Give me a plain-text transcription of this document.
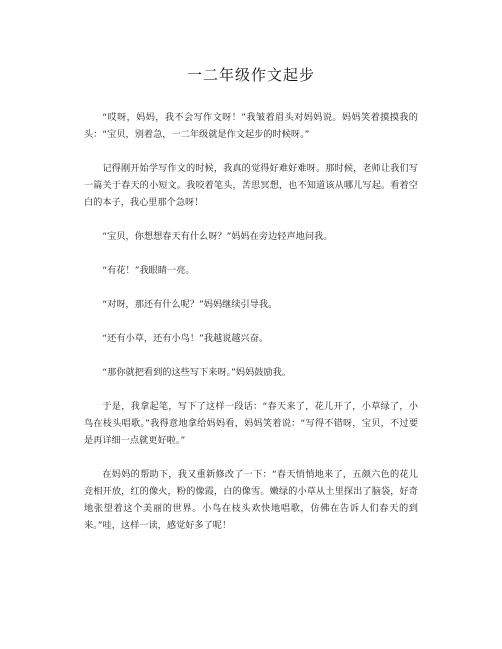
一二年级作文起步

“哎呀，妈妈，我不会写作文呀！”我皱着眉头对妈妈说。妈妈笑着摸摸我的头：“宝贝，别着急，一二年级就是作文起步的时候呀。”

记得刚开始学写作文的时候，我真的觉得好难好难呀。那时候，老师让我们写一篇关于春天的小短文。我咬着笔头，苦思冥想，也不知道该从哪儿写起。看着空白的本子，我心里那个急呀！

“宝贝，你想想春天有什么呀？”妈妈在旁边轻声地问我。

“有花！”我眼睛一亮。

“对呀，那还有什么呢？”妈妈继续引导我。

“还有小草，还有小鸟！”我越说越兴奋。

“那你就把看到的这些写下来呀。”妈妈鼓励我。

于是，我拿起笔，写下了这样一段话：“春天来了，花儿开了，小草绿了，小鸟在枝头唱歌。”我得意地拿给妈妈看，妈妈笑着说：“写得不错呀，宝贝，不过要是再详细一点就更好啦。”

在妈妈的帮助下，我又重新修改了一下：“春天悄悄地来了，五颜六色的花儿竞相开放，红的像火，粉的像霞，白的像雪。嫩绿的小草从土里探出了脑袋，好奇地张望着这个美丽的世界。小鸟在枝头欢快地唱歌，仿佛在告诉人们春天的到来。”哇，这样一读，感觉好多了呢！
